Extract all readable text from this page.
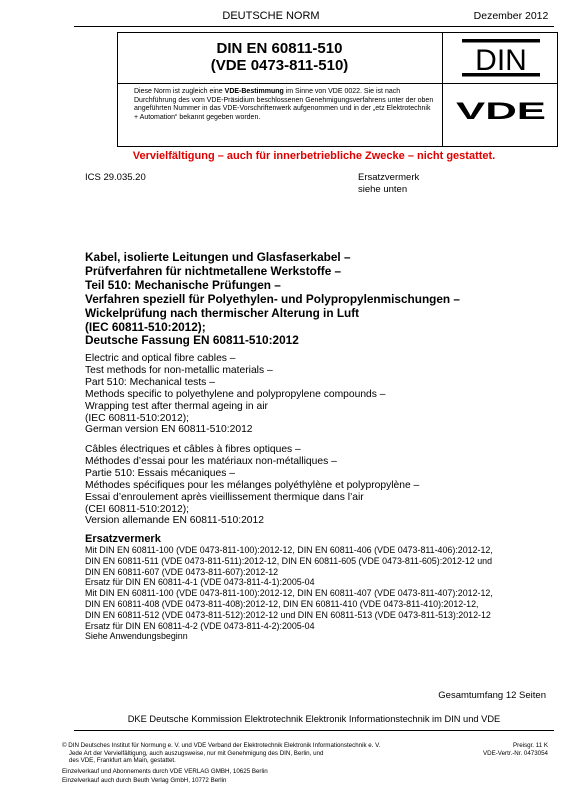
DEUTSCHE NORM	Dezember 2012
DIN EN 60811-510
(VDE 0473-811-510)
Diese Norm ist zugleich eine VDE-Bestimmung im Sinne von VDE 0022. Sie ist nach Durchführung des vom VDE-Präsidium beschlossenen Genehmigungsverfahrens unter der oben angeführten Nummer in das VDE-Vorschriftenwerk aufgenommen und in der „etz Elektrotechnik + Automation“ bekannt gegeben worden.
DIN
VDE
Vervielfältigung – auch für innerbetriebliche Zwecke – nicht gestattet.
ICS 29.035.20	Ersatzvermerk
siehe unten
Kabel, isolierte Leitungen und Glasfaserkabel –
Prüfverfahren für nichtmetallene Werkstoffe –
Teil 510: Mechanische Prüfungen –
Verfahren speziell für Polyethylen- und Polypropylenmischungen –
Wickelprüfung nach thermischer Alterung in Luft
(IEC 60811-510:2012);
Deutsche Fassung EN 60811-510:2012
Electric and optical fibre cables –
Test methods for non-metallic materials –
Part 510: Mechanical tests –
Methods specific to polyethylene and polypropylene compounds –
Wrapping test after thermal ageing in air
(IEC 60811-510:2012);
German version EN 60811-510:2012
Câbles électriques et câbles à fibres optiques –
Méthodes d’essai pour les matériaux non-métalliques –
Partie 510: Essais mécaniques –
Méthodes spécifiques pour les mélanges polyéthylène et polypropylène –
Essai d’enroulement après vieillissement thermique dans l’air
(CEI 60811-510:2012);
Version allemande EN 60811-510:2012
Ersatzvermerk
Mit DIN EN 60811-100 (VDE 0473-811-100):2012-12, DIN EN 60811-406 (VDE 0473-811-406):2012-12,
DIN EN 60811-511 (VDE 0473-811-511):2012-12, DIN EN 60811-605 (VDE 0473-811-605):2012-12 und
DIN EN 60811-607 (VDE 0473-811-607):2012-12
Ersatz für DIN EN 60811-4-1 (VDE 0473-811-4-1):2005-04
Mit DIN EN 60811-100 (VDE 0473-811-100):2012-12, DIN EN 60811-407 (VDE 0473-811-407):2012-12,
DIN EN 60811-408 (VDE 0473-811-408):2012-12, DIN EN 60811-410 (VDE 0473-811-410):2012-12,
DIN EN 60811-512 (VDE 0473-811-512):2012-12 und DIN EN 60811-513 (VDE 0473-811-513):2012-12
Ersatz für DIN EN 60811-4-2 (VDE 0473-811-4-2):2005-04
Siehe Anwendungsbeginn
Gesamtumfang 12 Seiten
DKE Deutsche Kommission Elektrotechnik Elektronik Informationstechnik im DIN und VDE
© DIN Deutsches Institut für Normung e. V. und VDE Verband der Elektrotechnik Elektronik Informationstechnik e. V.
Jede Art der Vervielfältigung, auch auszugsweise, nur mit Genehmigung des DIN, Berlin, und
des VDE, Frankfurt am Main, gestattet.
Preisgr. 11 K
VDE-Vertr.-Nr. 0473054
Einzelverkauf und Abonnements durch VDE VERLAG GMBH, 10625 Berlin
Einzelverkauf auch durch Beuth Verlag GmbH, 10772 Berlin
